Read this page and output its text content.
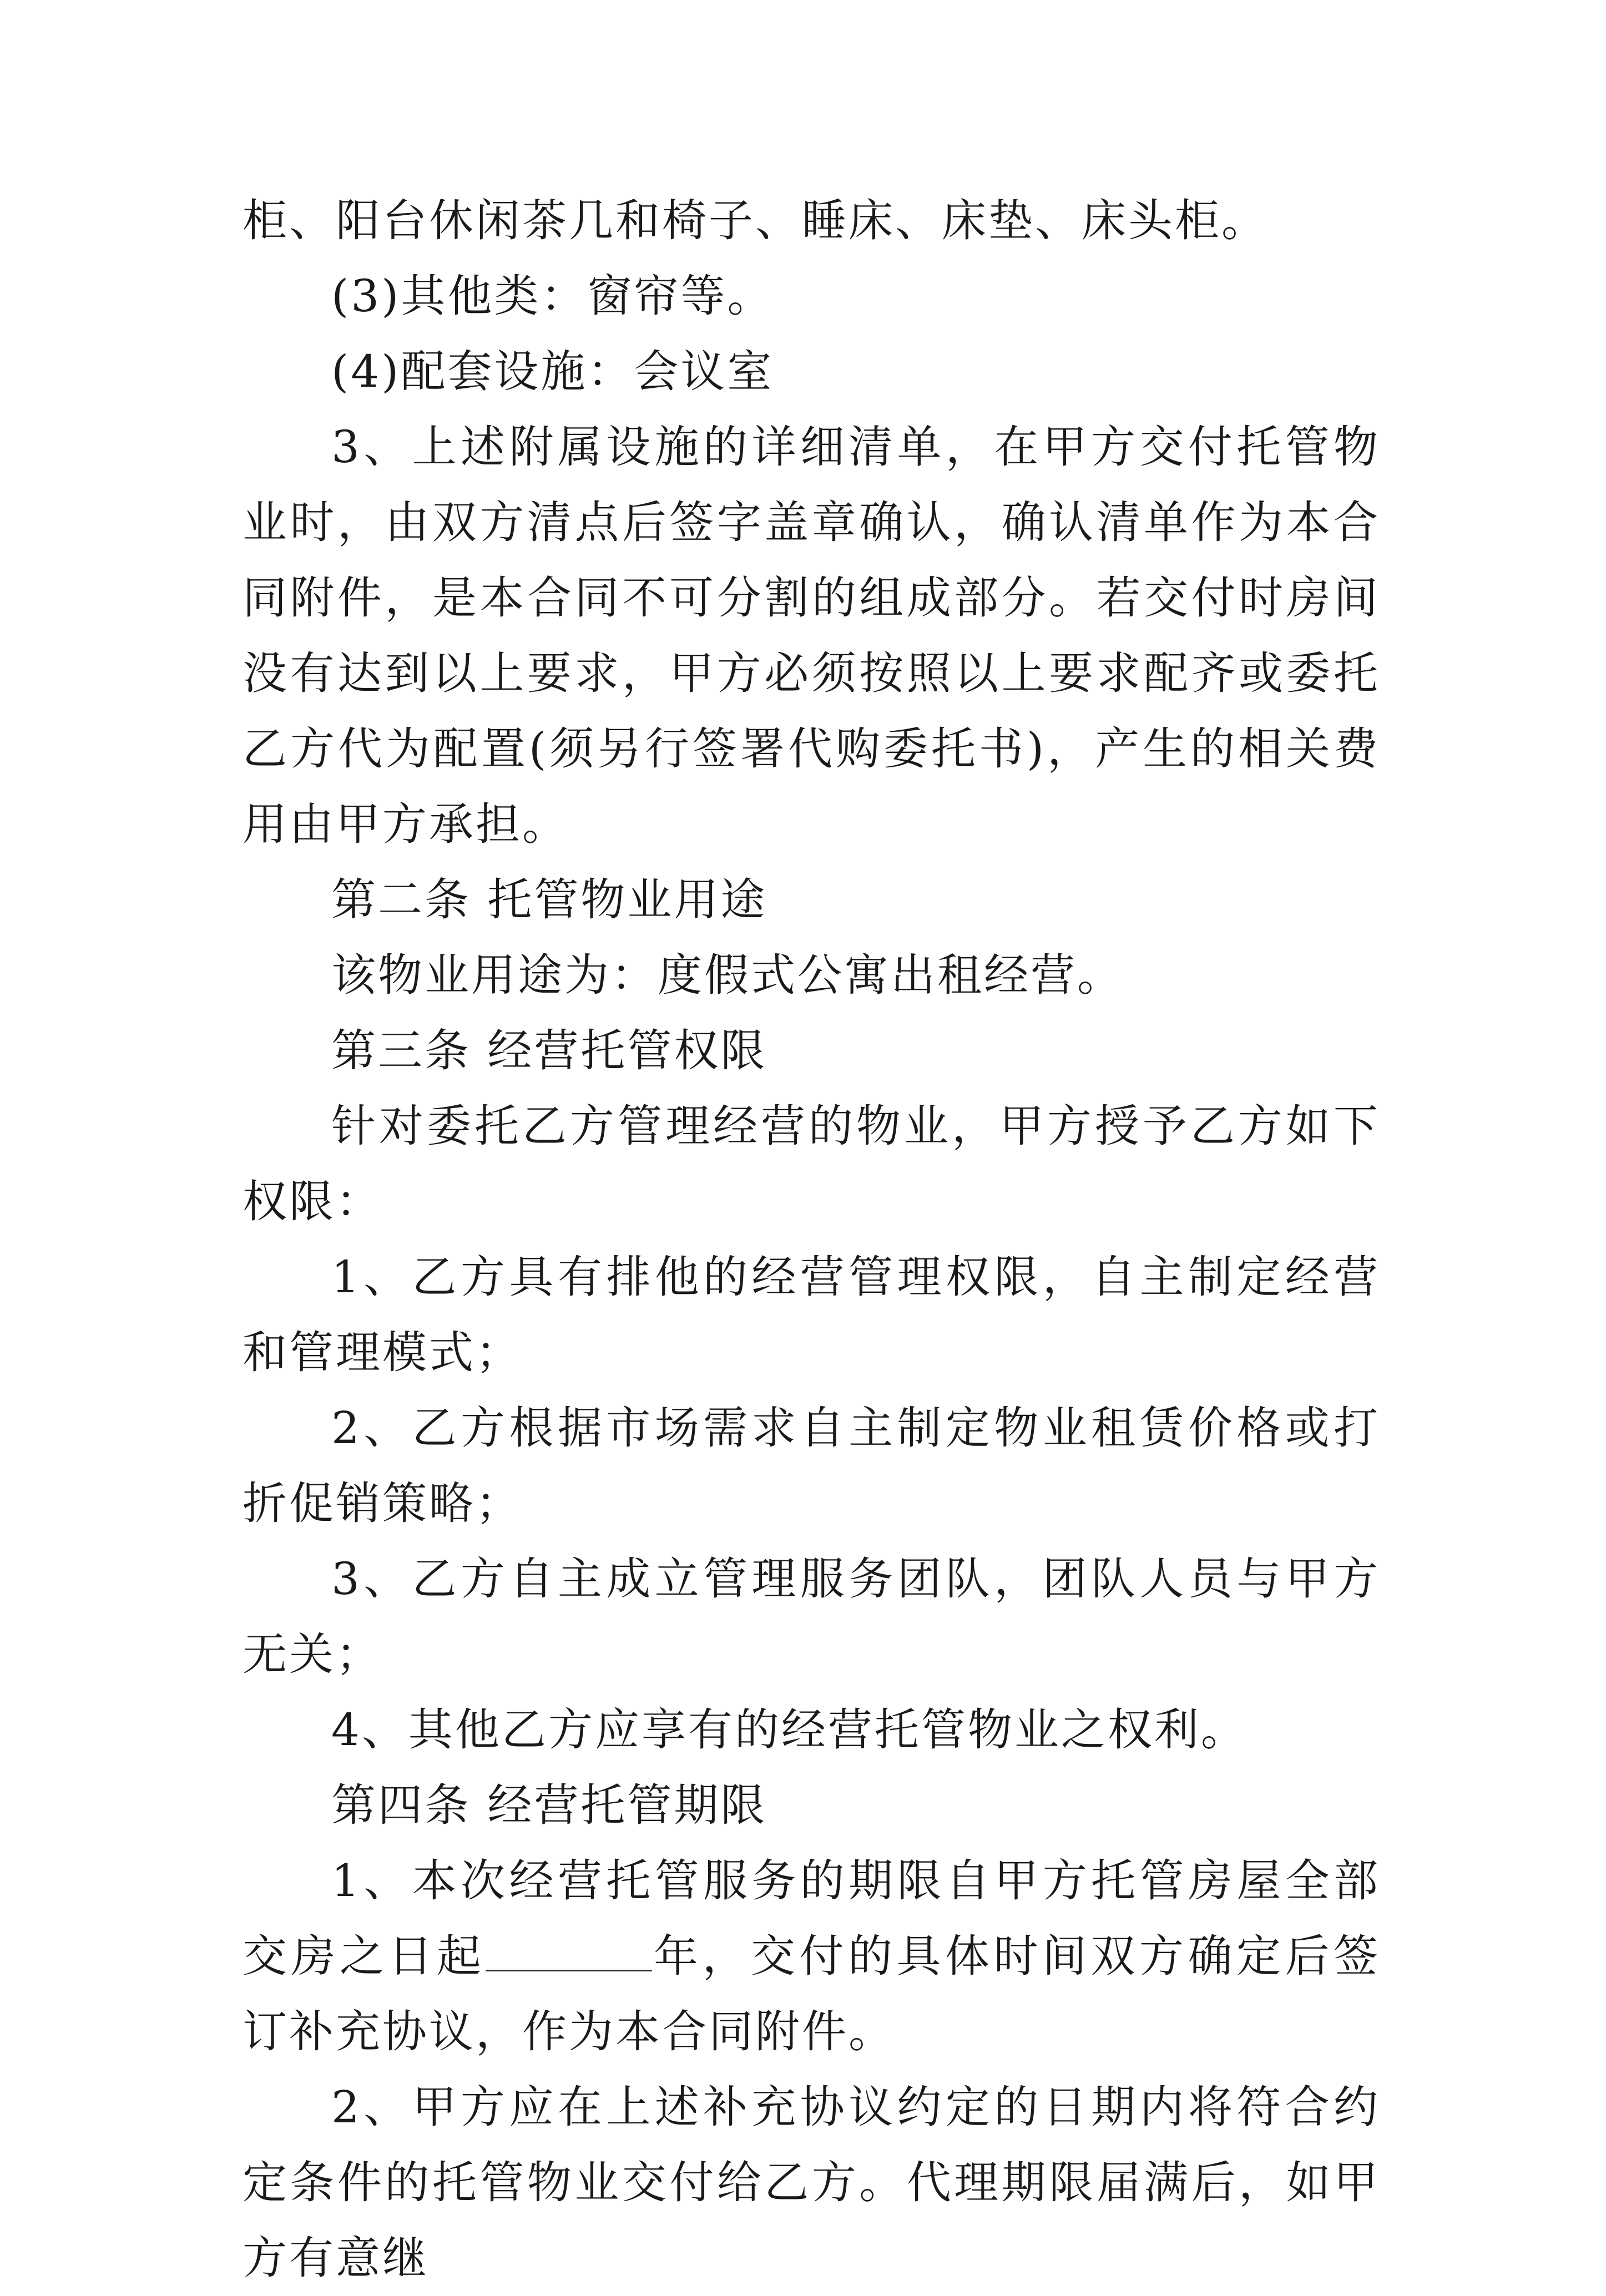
柜、阳台休闲茶几和椅子、睡床、床垫、床头柜。

(3)其他类：窗帘等。

(4)配套设施：会议室

3、上述附属设施的详细清单，在甲方交付托管物业时，由双方清点后签字盖章确认，确认清单作为本合同附件，是本合同不可分割的组成部分。若交付时房间没有达到以上要求，甲方必须按照以上要求配齐或委托乙方代为配置(须另行签署代购委托书)，产生的相关费用由甲方承担。

第二条 托管物业用途

该物业用途为：度假式公寓出租经营。

第三条 经营托管权限

针对委托乙方管理经营的物业，甲方授予乙方如下权限：

1、乙方具有排他的经营管理权限，自主制定经营和管理模式；

2、乙方根据市场需求自主制定物业租赁价格或打折促销策略；

3、乙方自主成立管理服务团队，团队人员与甲方无关；

4、其他乙方应享有的经营托管物业之权利。

第四条 经营托管期限

1、本次经营托管服务的期限自甲方托管房屋全部交房之日起	年，交付的具体时间双方确定后签订补充协议，作为本合同附件。

2、甲方应在上述补充协议约定的日期内将符合约定条件的托管物业交付给乙方。代理期限届满后，如甲方有意继
